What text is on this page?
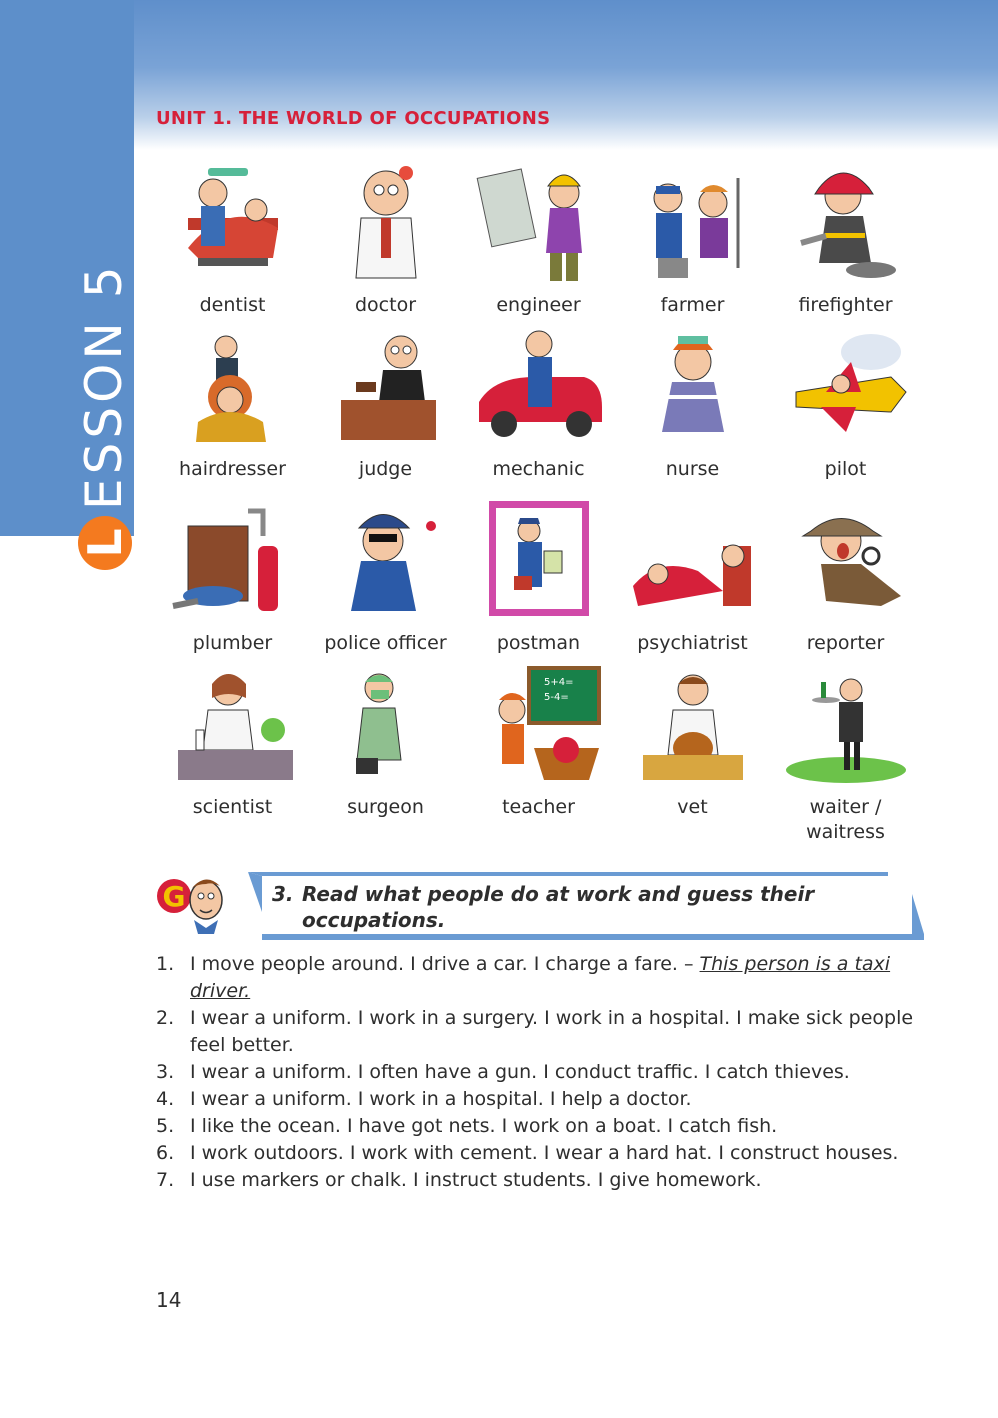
ESSON 5
L
UNIT 1. THE WORLD OF OCCUPATIONS
dentist	doctor	engineer	farmer	firefighter
hairdresser	judge	mechanic	nurse	pilot
plumber	police officer	postman	psychiatrist	reporter
scientist	surgeon
5+4=
5-4=
teacher	vet	waiter /
waitress
G	3. Read what people do at work and guess their
occupations.
1. I move people around. I drive a car. I charge a fare. – This person is a taxi driver.
2. I wear a uniform. I work in a surgery. I work in a hospital. I make sick people feel better.
3. I wear a uniform. I often have a gun. I conduct traffic. I catch thieves.
4. I wear a uniform. I work in a hospital. I help a doctor.
5. I like the ocean. I have got nets. I work on a boat. I catch fish.
6. I work outdoors. I work with cement. I wear a hard hat. I construct houses.
7. I use markers or chalk. I instruct students. I give homework.
14
